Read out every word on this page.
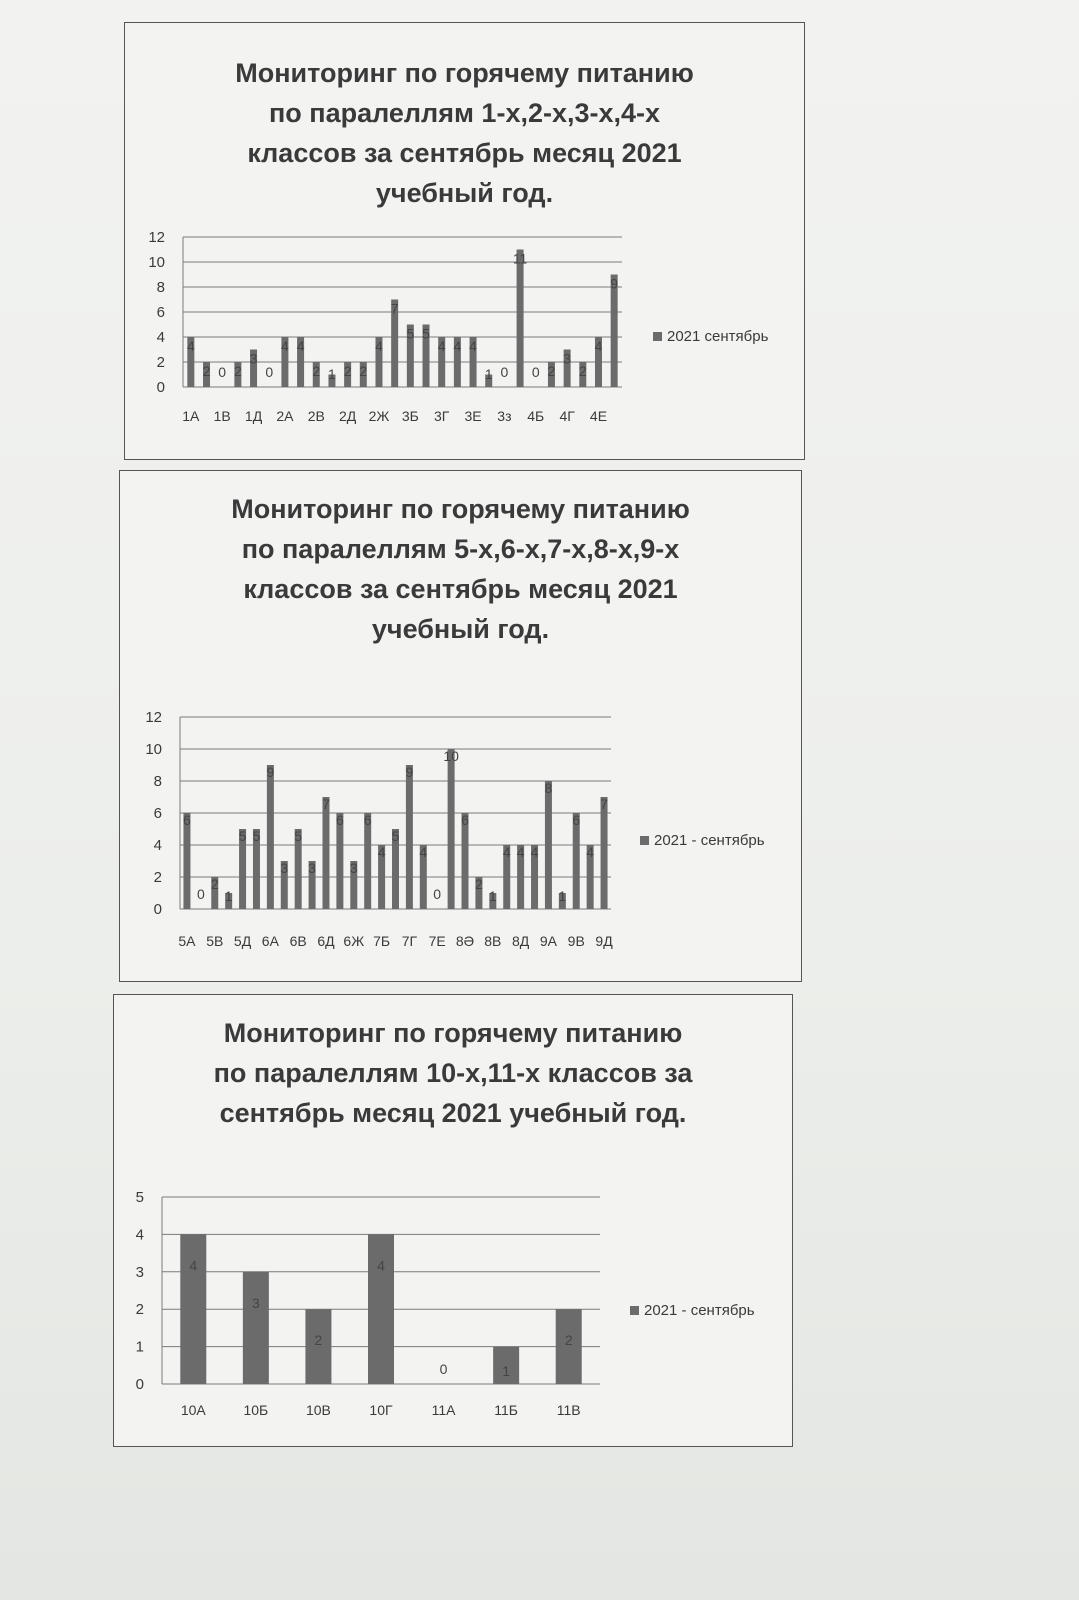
Мониторинг по горячему питанию
по паралеллям 1-х,2-х,3-х,4-х
классов за сентябрь месяц 2021
учебный год.
0
2
4
6
8
10
12
4
2 0 2
3
0
4 4
2 1 2 2
4
7
5 5
4 4 4
1 0
11
0 2
3
2
4
9
1А 1В 1Д 2А 2В 2Д 2Ж 3Б 3Г 3Е 3з 4Б 4Г 4Е
2021 сентябрь
Мониторинг по горячему питанию
по паралеллям 5-х,6-х,7-х,8-х,9-х
классов за сентябрь месяц 2021
учебный год.
0
2
4
6
8
10
12
6
0
2
1
5 5
9
3
5
3
7
6
3
6
4
5
9
4
0
10
6
2
1
4 4 4
8
1
6
4
7
5А 5В 5Д 6А 6В 6Д 6Ж 7Б 7Г 7Е 8Ә 8В 8Д 9А 9В 9Д
2021 - сентябрь
Мониторинг по горячему питанию
по паралеллям 10-х,11-х классов за
сентябрь месяц 2021 учебный год.
0
1
2
3
4
5
4
3
2
4
0	1
2
10А	10Б	10В	10Г	11А	11Б	11В
2021 - сентябрь
